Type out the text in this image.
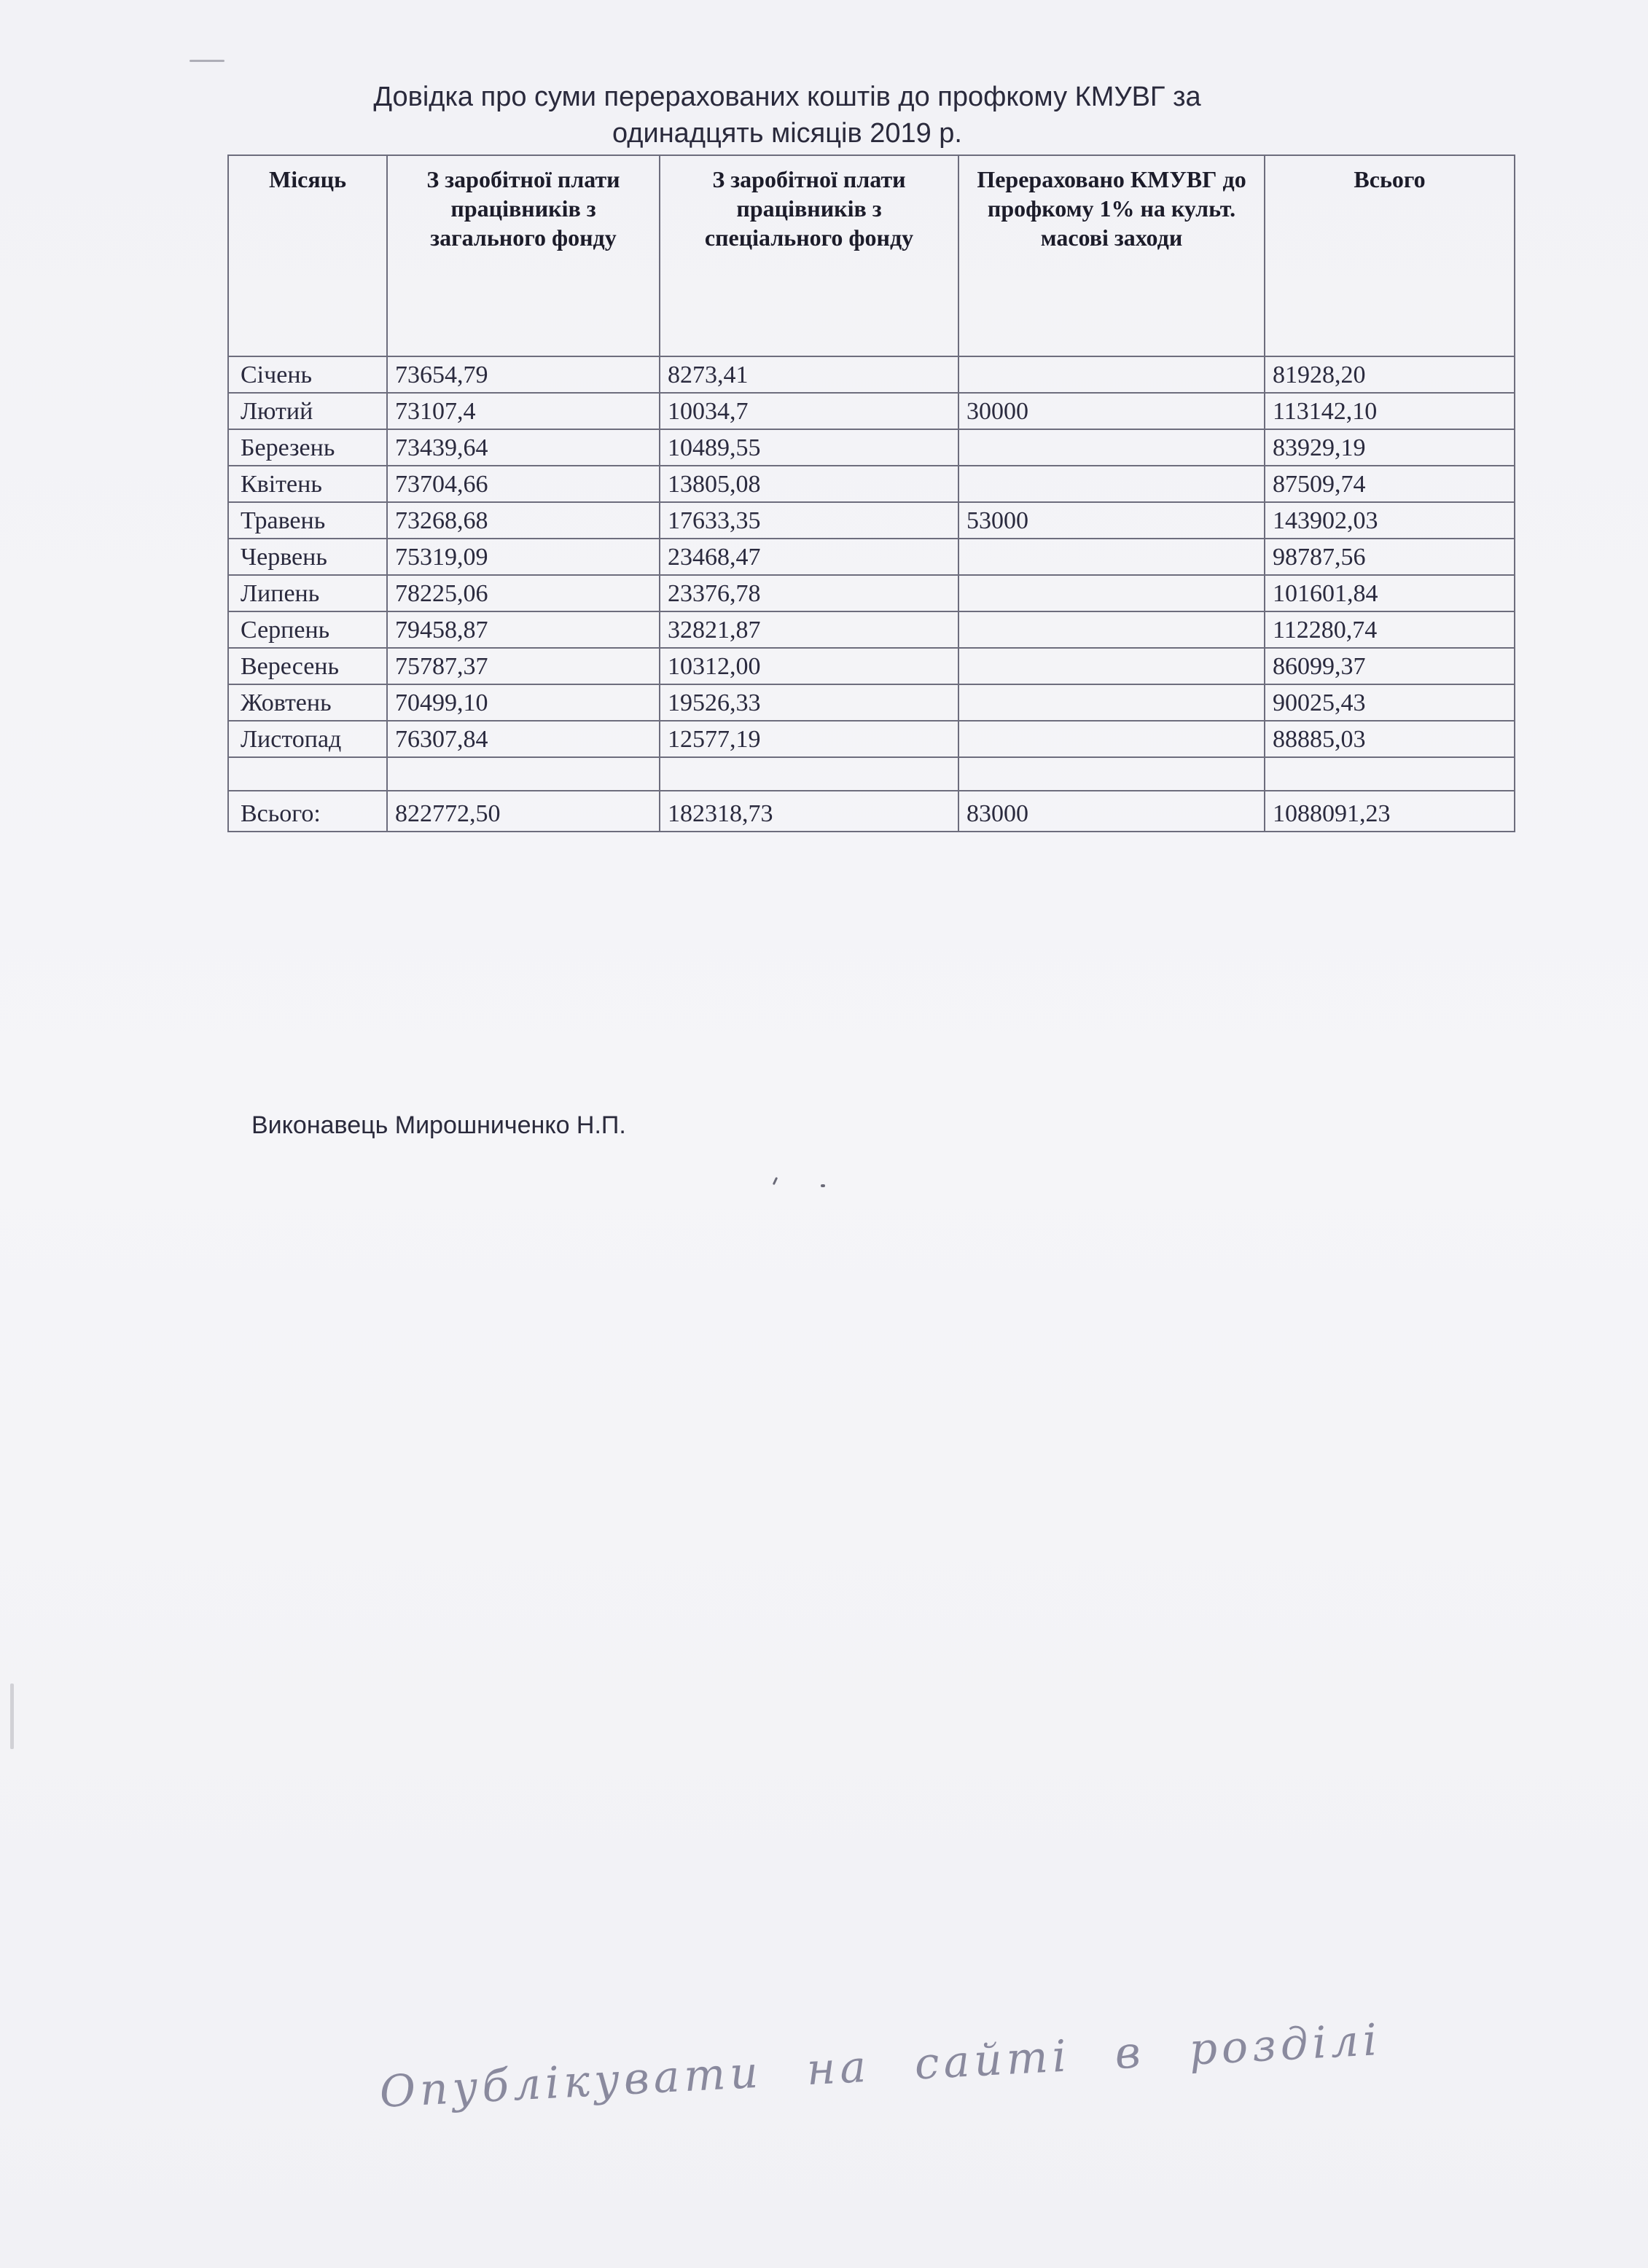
Довідка про суми перерахованих коштів до профкому КМУВГ за
одинадцять місяців 2019 р.
Місяць	З заробітної плати працівників з загального фонду	З заробітної плати працівників з спеціального фонду	Перераховано КМУВГ до профкому 1% на культ. масові заходи	Всього
Січень	73654,79	8273,41		81928,20
Лютий	73107,4	10034,7	30000	113142,10
Березень	73439,64	10489,55		83929,19
Квітень	73704,66	13805,08		87509,74
Травень	73268,68	17633,35	53000	143902,03
Червень	75319,09	23468,47		98787,56
Липень	78225,06	23376,78		101601,84
Серпень	79458,87	32821,87		112280,74
Вересень	75787,37	10312,00		86099,37
Жовтень	70499,10	19526,33		90025,43
Листопад	76307,84	12577,19		88885,03

Всього:	822772,50	182318,73	83000	1088091,23
Виконавець Мирошниченко Н.П.
Опублікувати на сайті в розділі
